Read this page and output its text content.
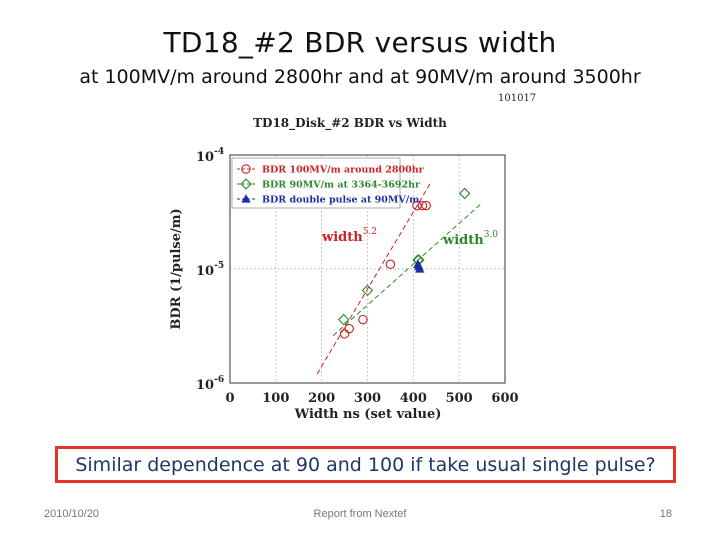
TD18_#2 BDR versus width
at 100MV/m around 2800hr and at 90MV/m around 3500hr
101017
TD18_Disk_#2 BDR vs Width
width$^{5.2}$
width$^{3.0}$
0 100 200 300 400 500 600
$10^{-6}$
$10^{-5}$
$10^{-4}$
BDR 100MV/m around 2800hr
BDR 90MV/m at 3364-3692hr
BDR double pulse at 90MV/m
Width ns (set value)
BDR (1/pulse/m)
Similar dependence at 90 and 100 if take usual single pulse?
2010/10/20	Report from Nextef	18
